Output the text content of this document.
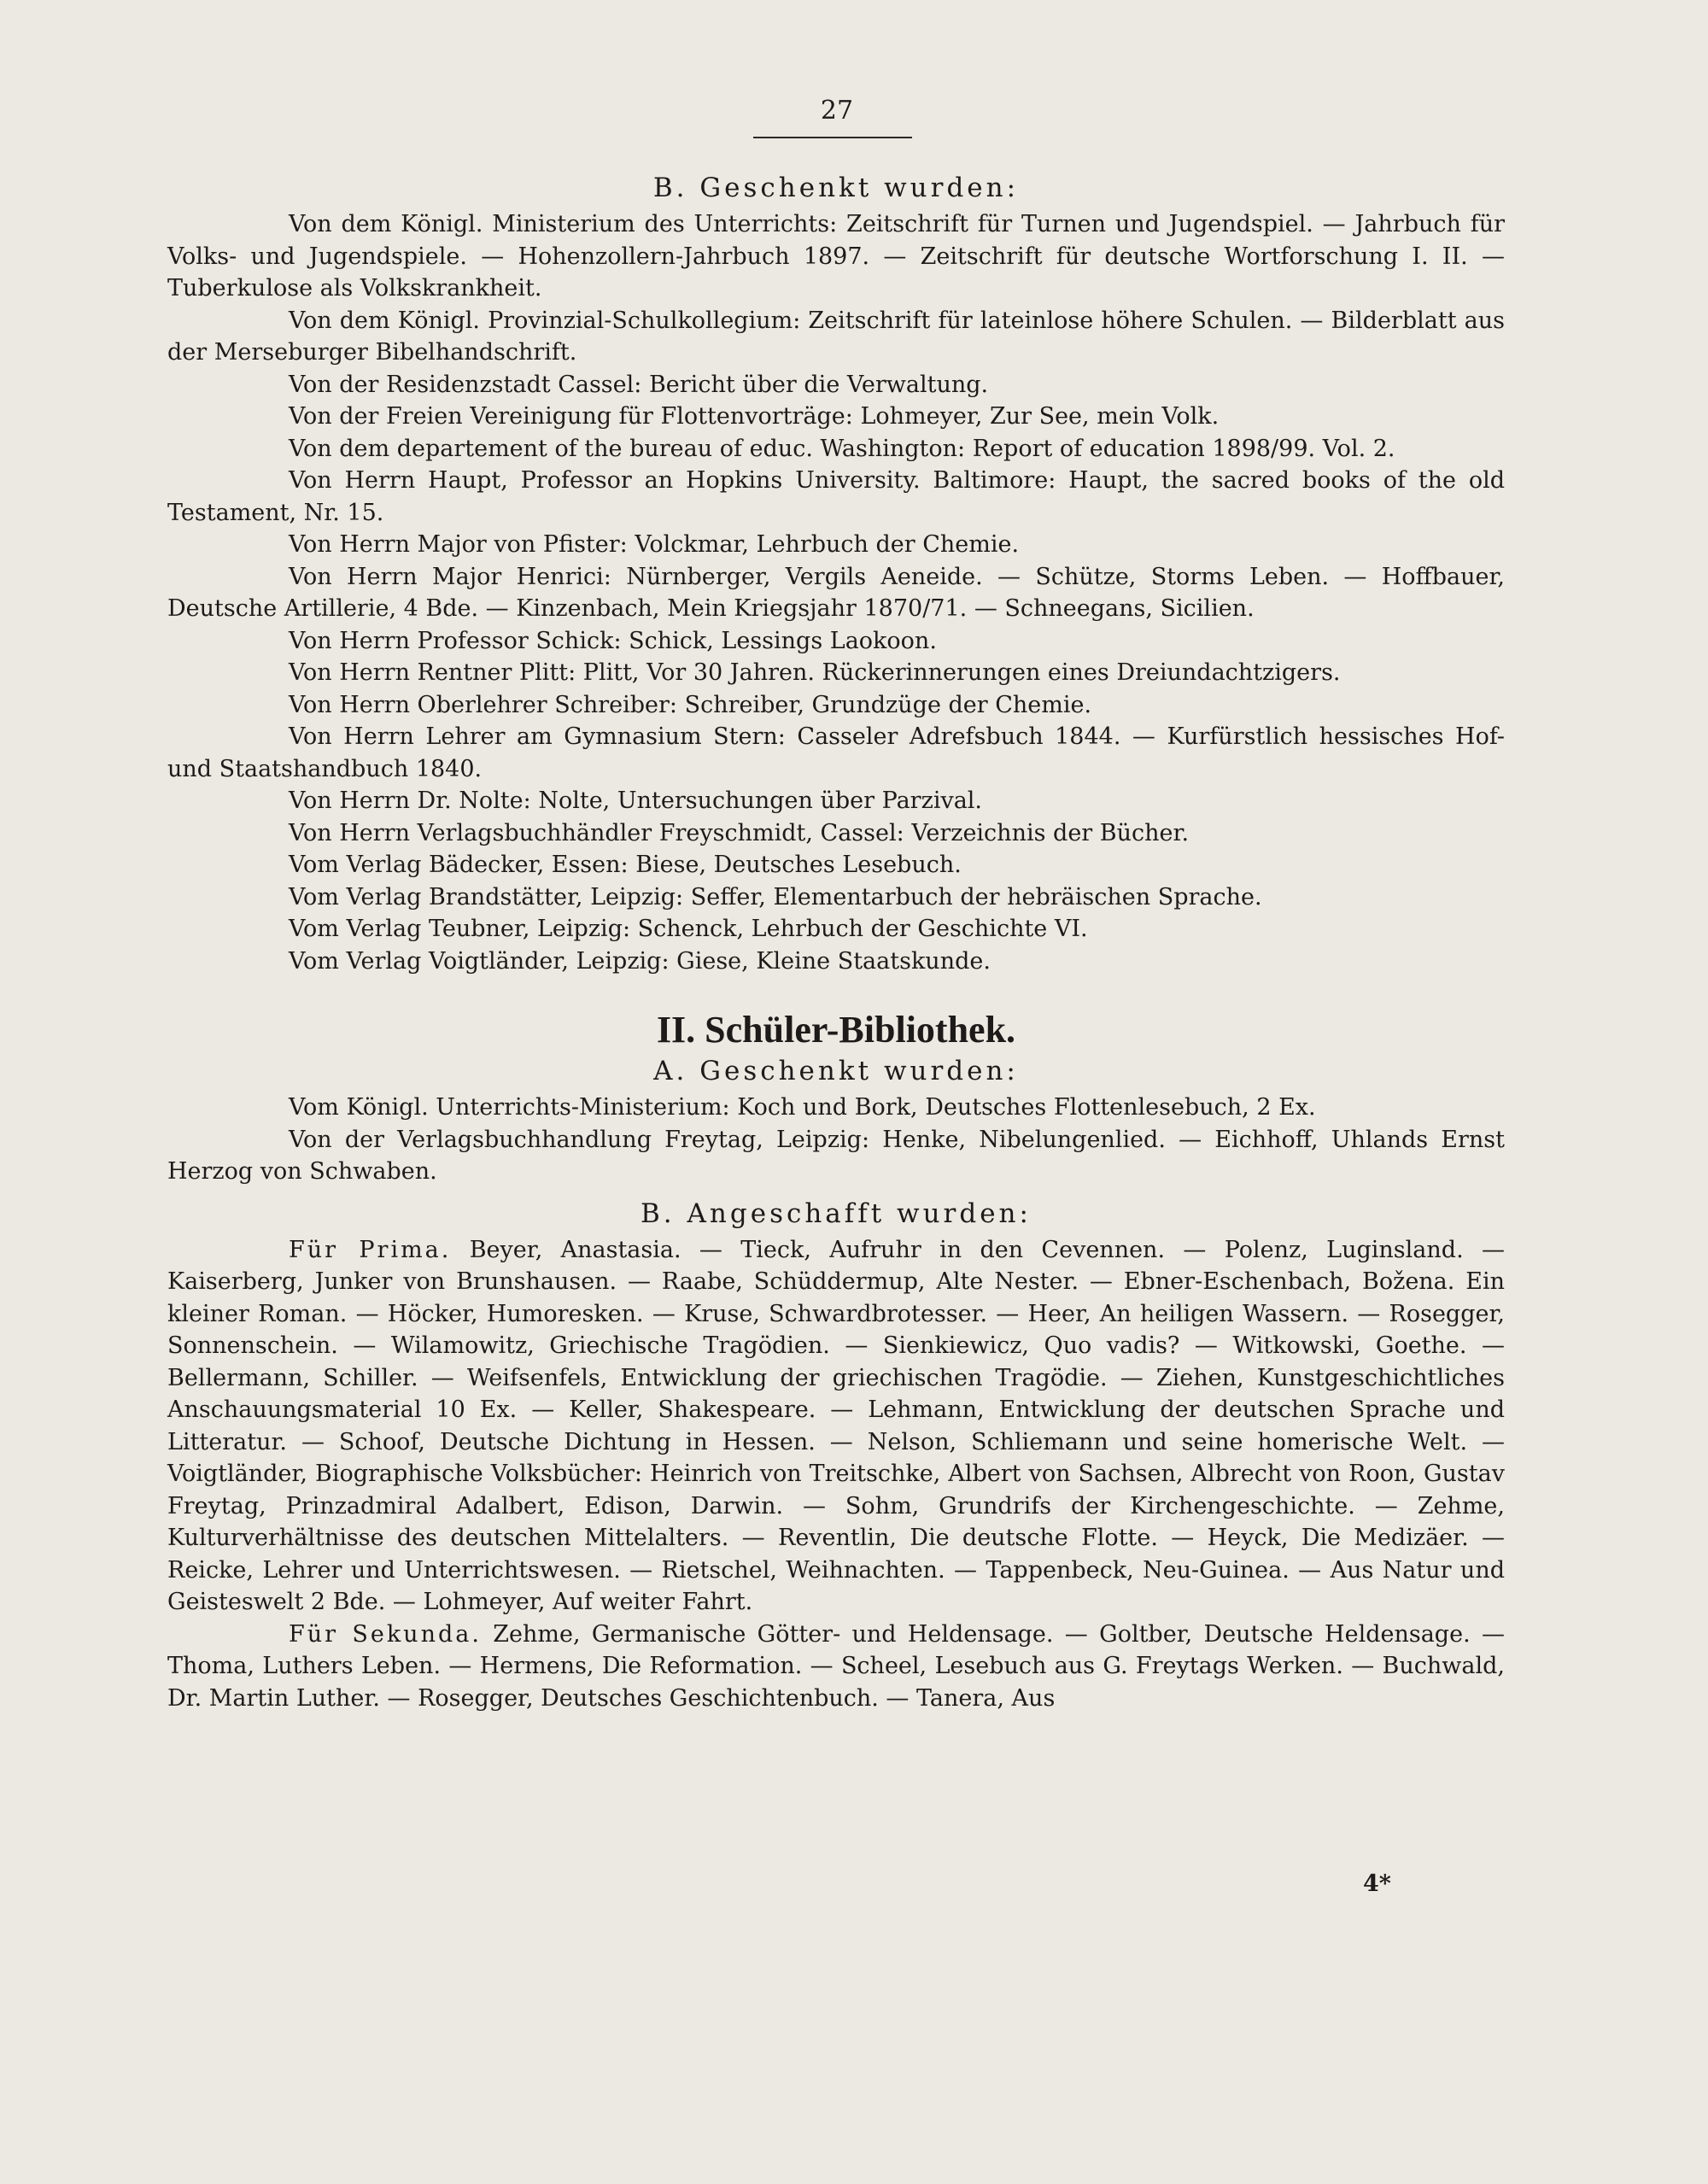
27
B. Geschenkt wurden:

Von dem Königl. Ministerium des Unterrichts: Zeitschrift für Turnen und Jugendspiel. — Jahrbuch für Volks- und Jugendspiele. — Hohenzollern-Jahrbuch 1897. — Zeitschrift für deutsche Wortforschung I. II. — Tuberkulose als Volkskrankheit.

Von dem Königl. Provinzial-Schulkollegium: Zeitschrift für lateinlose höhere Schulen. — Bilderblatt aus der Merseburger Bibelhandschrift.

Von der Residenzstadt Cassel: Bericht über die Verwaltung.

Von der Freien Vereinigung für Flottenvorträge: Lohmeyer, Zur See, mein Volk.

Von dem departement of the bureau of educ. Washington: Report of education 1898/99. Vol. 2.

Von Herrn Haupt, Professor an Hopkins University. Baltimore: Haupt, the sacred books of the old Testament, Nr. 15.

Von Herrn Major von Pfister: Volckmar, Lehrbuch der Chemie.

Von Herrn Major Henrici: Nürnberger, Vergils Aeneide. — Schütze, Storms Leben. — Hoffbauer, Deutsche Artillerie, 4 Bde. — Kinzenbach, Mein Kriegsjahr 1870/71. — Schneegans, Sicilien.

Von Herrn Professor Schick: Schick, Lessings Laokoon.

Von Herrn Rentner Plitt: Plitt, Vor 30 Jahren. Rückerinnerungen eines Dreiundachtzigers.

Von Herrn Oberlehrer Schreiber: Schreiber, Grundzüge der Chemie.

Von Herrn Lehrer am Gymnasium Stern: Casseler Adrefsbuch 1844. — Kurfürstlich hessisches Hof- und Staatshandbuch 1840.

Von Herrn Dr. Nolte: Nolte, Untersuchungen über Parzival.

Von Herrn Verlagsbuchhändler Freyschmidt, Cassel: Verzeichnis der Bücher.

Vom Verlag Bädecker, Essen: Biese, Deutsches Lesebuch.

Vom Verlag Brandstätter, Leipzig: Seffer, Elementarbuch der hebräischen Sprache.

Vom Verlag Teubner, Leipzig: Schenck, Lehrbuch der Geschichte VI.

Vom Verlag Voigtländer, Leipzig: Giese, Kleine Staatskunde.

II. Schüler-Bibliothek.
A. Geschenkt wurden:

Vom Königl. Unterrichts-Ministerium: Koch und Bork, Deutsches Flottenlesebuch, 2 Ex.

Von der Verlagsbuchhandlung Freytag, Leipzig: Henke, Nibelungenlied. — Eichhoff, Uhlands Ernst Herzog von Schwaben.

B. Angeschafft wurden:

Für Prima. Beyer, Anastasia. — Tieck, Aufruhr in den Cevennen. — Polenz, Luginsland. — Kaiserberg, Junker von Brunshausen. — Raabe, Schüddermup, Alte Nester. — Ebner-Eschenbach, Božena. Ein kleiner Roman. — Höcker, Humoresken. — Kruse, Schwardbrotesser. — Heer, An heiligen Wassern. — Rosegger, Sonnenschein. — Wilamowitz, Griechische Tragödien. — Sienkiewicz, Quo vadis? — Witkowski, Goethe. — Bellermann, Schiller. — Weifsenfels, Entwicklung der griechischen Tragödie. — Ziehen, Kunstgeschichtliches Anschauungsmaterial 10 Ex. — Keller, Shakespeare. — Lehmann, Entwicklung der deutschen Sprache und Litteratur. — Schoof, Deutsche Dichtung in Hessen. — Nelson, Schliemann und seine homerische Welt. — Voigtländer, Biographische Volksbücher: Heinrich von Treitschke, Albert von Sachsen, Albrecht von Roon, Gustav Freytag, Prinzadmiral Adalbert, Edison, Darwin. — Sohm, Grundrifs der Kirchengeschichte. — Zehme, Kulturverhältnisse des deutschen Mittelalters. — Reventlin, Die deutsche Flotte. — Heyck, Die Medizäer. — Reicke, Lehrer und Unterrichtswesen. — Rietschel, Weihnachten. — Tappenbeck, Neu-Guinea. — Aus Natur und Geisteswelt 2 Bde. — Lohmeyer, Auf weiter Fahrt.

Für Sekunda. Zehme, Germanische Götter- und Heldensage. — Goltber, Deutsche Heldensage. — Thoma, Luthers Leben. — Hermens, Die Reformation. — Scheel, Lesebuch aus G. Freytags Werken. — Buchwald, Dr. Martin Luther. — Rosegger, Deutsches Geschichtenbuch. — Tanera, Aus

4*
